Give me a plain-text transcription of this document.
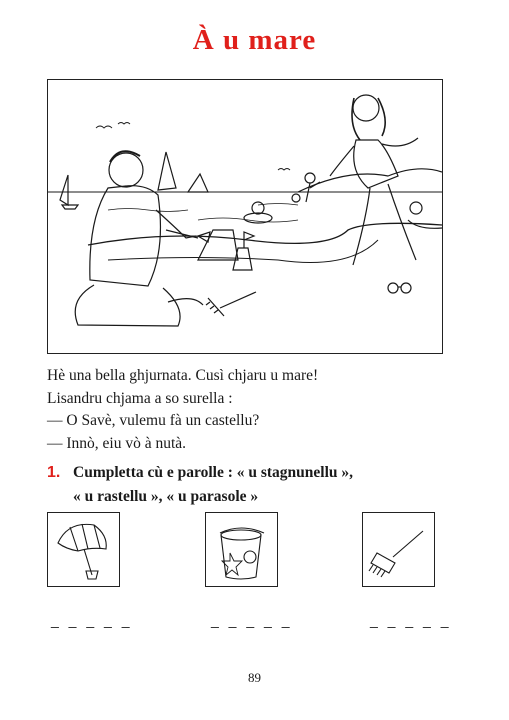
À u mare
Hè una bella ghjurnata. Cusì chjaru u mare!
Lisandru chjama a so surella :
— O Savè, vulemu fà un castellu?
— Innò, eiu vò à nutà.
1. Cumpletta cù e parolle : « u stagnunellu »,
« u rastellu », « u parasole »
_ _ _ _ _	_ _ _ _ _	_ _ _ _ _
89
